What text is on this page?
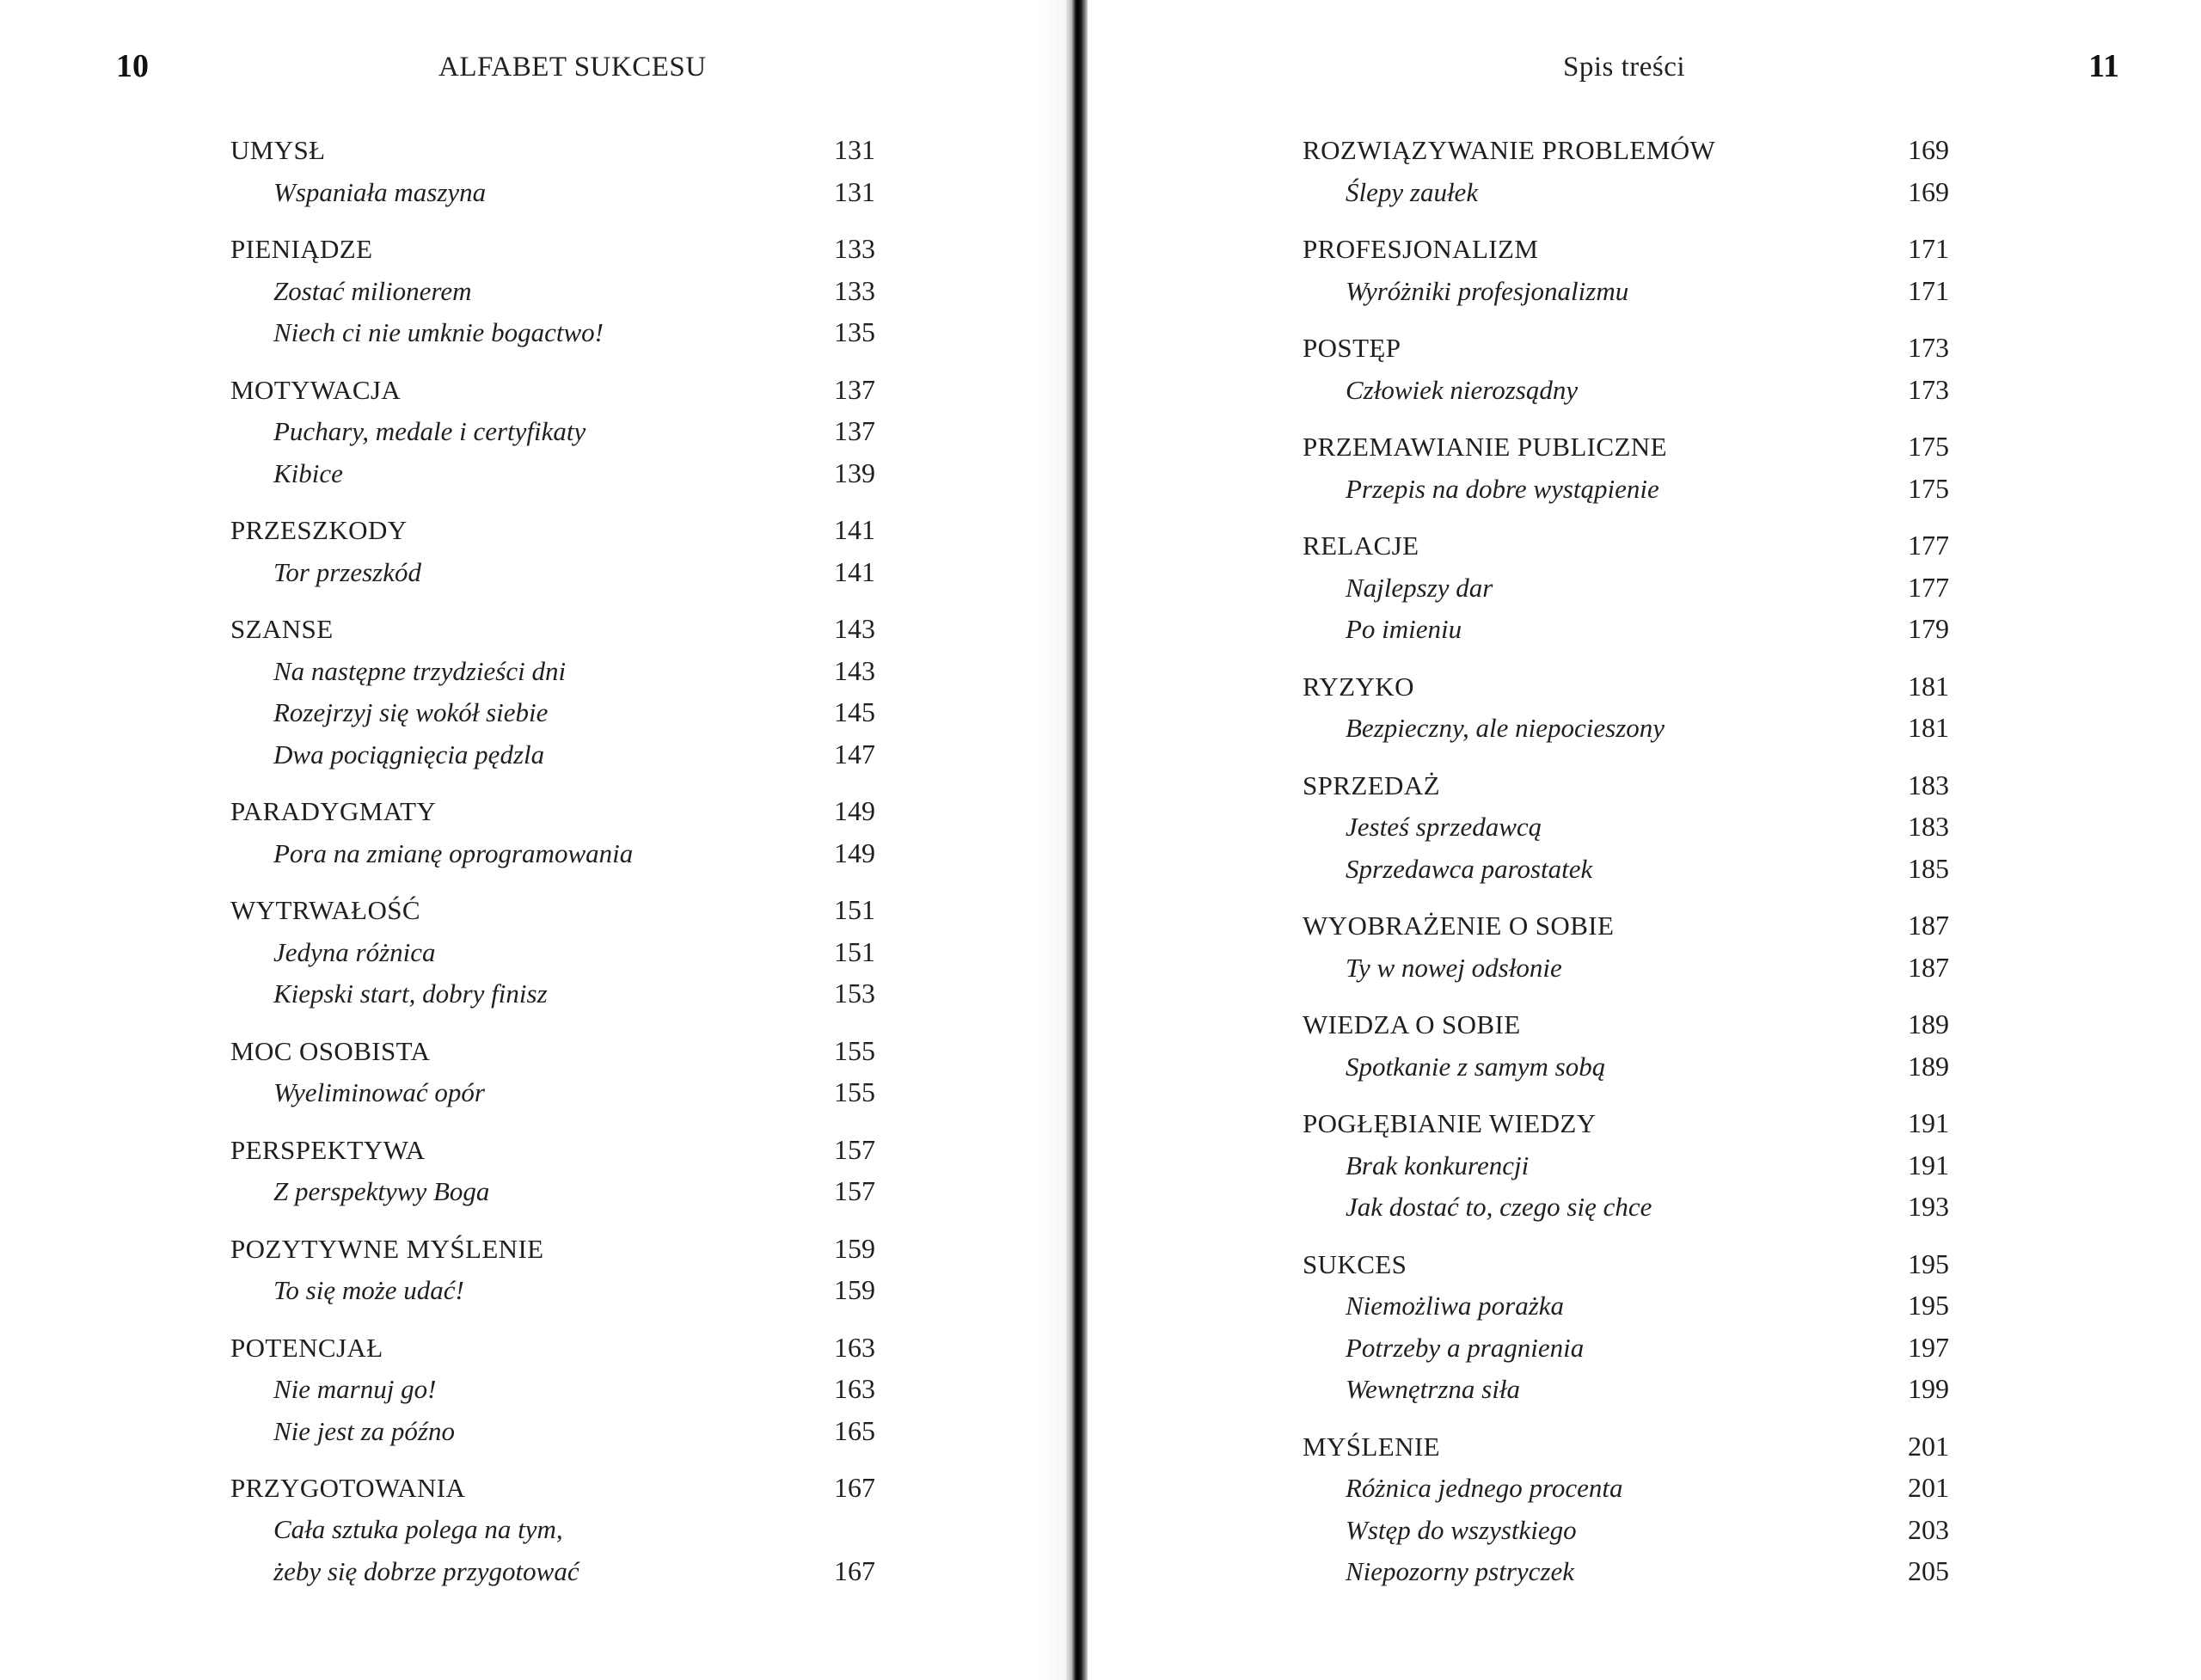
10	ALFABET SUKCESU
UMYSŁ	131
Wspaniała maszyna	131
PIENIĄDZE	133
Zostać milionerem	133
Niech ci nie umknie bogactwo!	135
MOTYWACJA	137
Puchary, medale i certyfikaty	137
Kibice	139
PRZESZKODY	141
Tor przeszkód	141
SZANSE	143
Na następne trzydzieści dni	143
Rozejrzyj się wokół siebie	145
Dwa pociągnięcia pędzla	147
PARADYGMATY	149
Pora na zmianę oprogramowania	149
WYTRWAŁOŚĆ	151
Jedyna różnica	151
Kiepski start, dobry finisz	153
MOC OSOBISTA	155
Wyeliminować opór	155
PERSPEKTYWA	157
Z perspektywy Boga	157
POZYTYWNE MYŚLENIE	159
To się może udać!	159
POTENCJAŁ	163
Nie marnuj go!	163
Nie jest za późno	165
PRZYGOTOWANIA	167
Cała sztuka polega na tym,
żeby się dobrze przygotować	167
Spis treści	11
ROZWIĄZYWANIE PROBLEMÓW	169
Ślepy zaułek	169
PROFESJONALIZM	171
Wyróżniki profesjonalizmu	171
POSTĘP	173
Człowiek nierozsądny	173
PRZEMAWIANIE PUBLICZNE	175
Przepis na dobre wystąpienie	175
RELACJE	177
Najlepszy dar	177
Po imieniu	179
RYZYKO	181
Bezpieczny, ale niepocieszony	181
SPRZEDAŻ	183
Jesteś sprzedawcą	183
Sprzedawca parostatek	185
WYOBRAŻENIE O SOBIE	187
Ty w nowej odsłonie	187
WIEDZA O SOBIE	189
Spotkanie z samym sobą	189
POGŁĘBIANIE WIEDZY	191
Brak konkurencji	191
Jak dostać to, czego się chce	193
SUKCES	195
Niemożliwa porażka	195
Potrzeby a pragnienia	197
Wewnętrzna siła	199
MYŚLENIE	201
Różnica jednego procenta	201
Wstęp do wszystkiego	203
Niepozorny pstryczek	205
